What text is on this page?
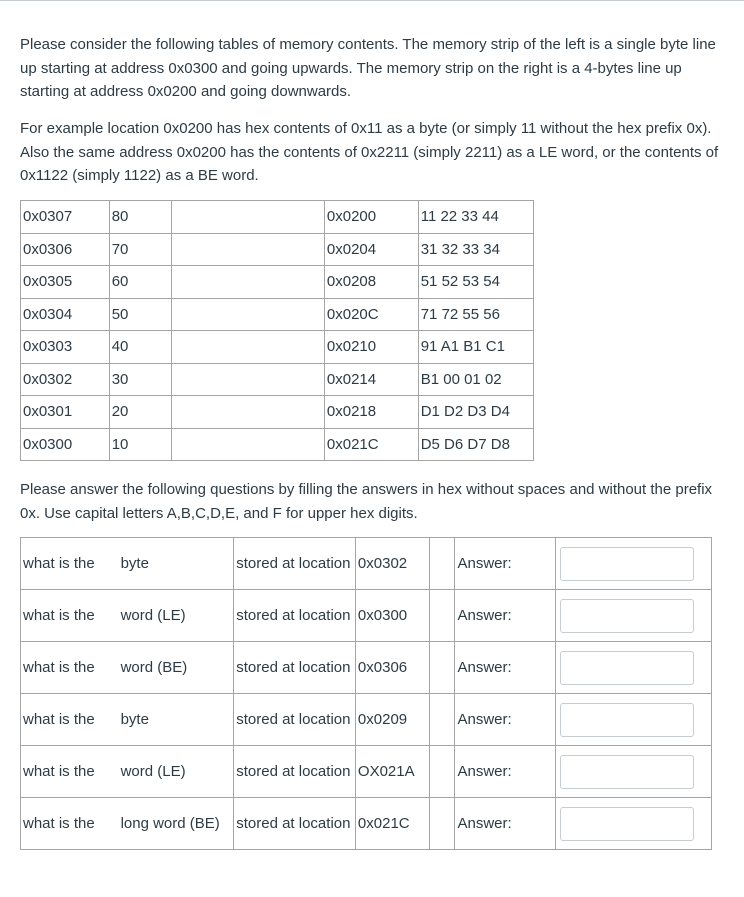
Please consider the following tables of memory contents. The memory strip of the left is a single byte line up starting at address 0x0300 and going upwards. The memory strip on the right is a 4-bytes line up starting at address 0x0200 and going downwards.
For example location 0x0200 has hex contents of 0x11 as a byte (or simply 11 without the hex prefix 0x). Also the same address 0x0200 has the contents of 0x2211 (simply 2211) as a LE word, or the contents of 0x1122 (simply 1122) as a BE word.
0x0307	80		0x0200	11 22 33 44
0x0306	70		0x0204	31 32 33 34
0x0305	60		0x0208	51 52 53 54
0x0304	50		0x020C	71 72 55 56
0x0303	40		0x0210	91 A1 B1 C1
0x0302	30		0x0214	B1 00 01 02
0x0301	20		0x0218	D1 D2 D3 D4
0x0300	10		0x021C	D5 D6 D7 D8
Please answer the following questions by filling the answers in hex without spaces and without the prefix 0x. Use capital letters A,B,C,D,E, and F for upper hex digits.
what is the	byte	stored at location	0x0302		Answer:	

what is the	word (LE)	stored at location	0x0300		Answer:	

what is the	word (BE)	stored at location	0x0306		Answer:	

what is the	byte	stored at location	0x0209		Answer:	

what is the	word (LE)	stored at location	OX021A		Answer:	

what is the	long word (BE)	stored at location	0x021C		Answer:	
